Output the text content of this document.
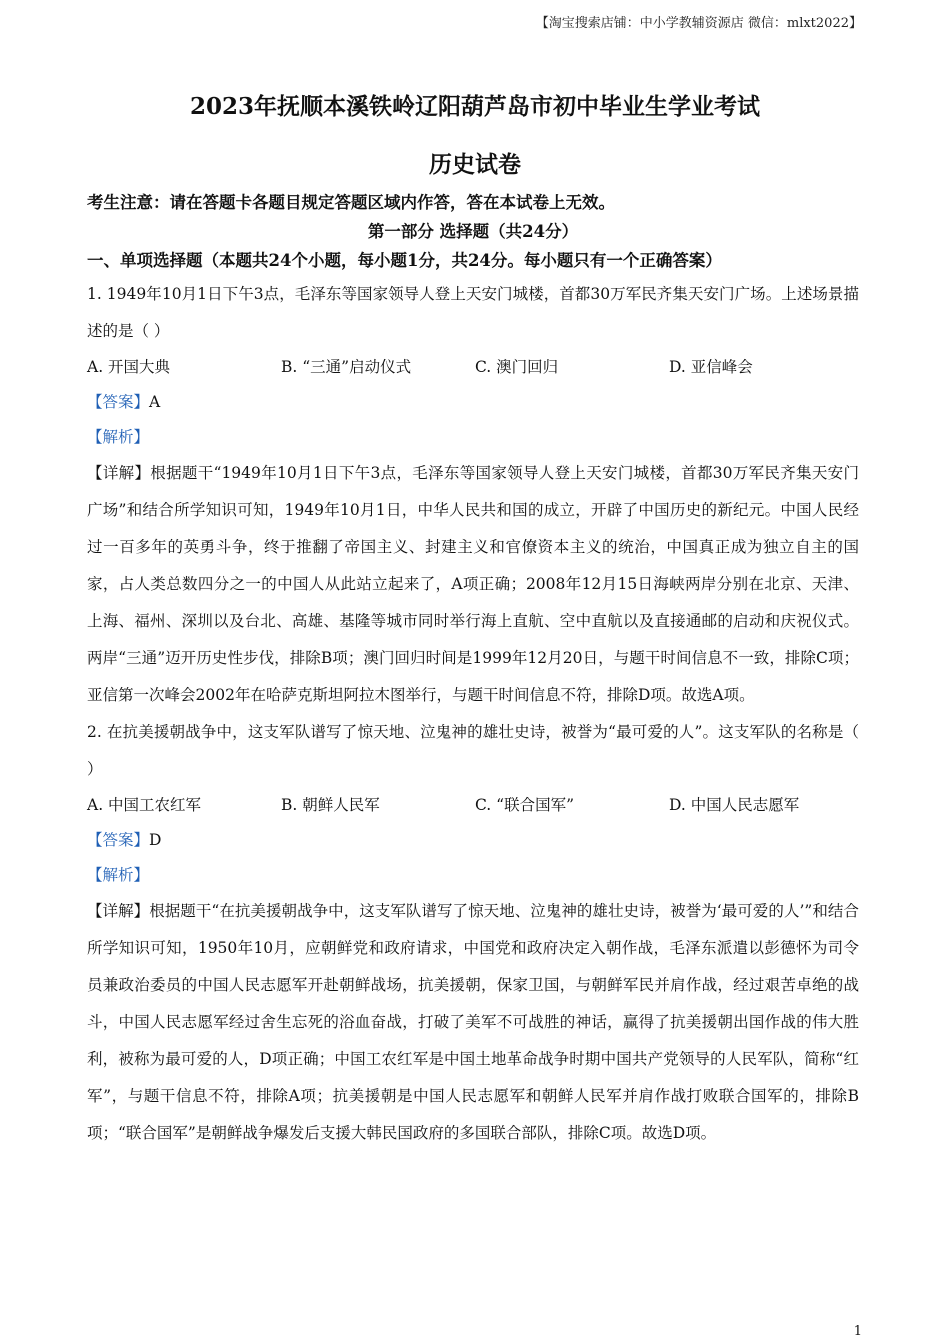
【淘宝搜索店铺：中小学教辅资源店 微信：mlxt2022】
2023年抚顺本溪铁岭辽阳葫芦岛市初中毕业生学业考试
历史试卷
考生注意：请在答题卡各题目规定答题区域内作答，答在本试卷上无效。
第一部分 选择题（共24分）
一、单项选择题（本题共24个小题，每小题1分，共24分。每小题只有一个正确答案）

1. 1949年10月1日下午3点，毛泽东等国家领导人登上天安门城楼，首都30万军民齐集天安门广场。上述场景描述的是（ ）

A. 开国大典	B. “三通”启动仪式	C. 澳门回归	D. 亚信峰会
【答案】A
【解析】

【详解】根据题干“1949年10月1日下午3点，毛泽东等国家领导人登上天安门城楼，首都30万军民齐集天安门广场”和结合所学知识可知，1949年10月1日，中华人民共和国的成立，开辟了中国历史的新纪元。中国人民经过一百多年的英勇斗争，终于推翻了帝国主义、封建主义和官僚资本主义的统治，中国真正成为独立自主的国家，占人类总数四分之一的中国人从此站立起来了，A项正确；2008年12月15日海峡两岸分别在北京、天津、上海、福州、深圳以及台北、高雄、基隆等城市同时举行海上直航、空中直航以及直接通邮的启动和庆祝仪式。两岸“三通”迈开历史性步伐，排除B项；澳门回归时间是1999年12月20日，与题干时间信息不一致，排除C项；亚信第一次峰会2002年在哈萨克斯坦阿拉木图举行，与题干时间信息不符，排除D项。故选A项。

2. 在抗美援朝战争中，这支军队谱写了惊天地、泣鬼神的雄壮史诗，被誉为“最可爱的人”。这支军队的名称是（ ）

A. 中国工农红军	B. 朝鲜人民军	C. “联合国军”	D. 中国人民志愿军
【答案】D
【解析】

【详解】根据题干“在抗美援朝战争中，这支军队谱写了惊天地、泣鬼神的雄壮史诗，被誉为‘最可爱的人’”和结合所学知识可知，1950年10月，应朝鲜党和政府请求，中国党和政府决定入朝作战，毛泽东派遣以彭德怀为司令员兼政治委员的中国人民志愿军开赴朝鲜战场，抗美援朝，保家卫国，与朝鲜军民并肩作战，经过艰苦卓绝的战斗，中国人民志愿军经过舍生忘死的浴血奋战，打破了美军不可战胜的神话，赢得了抗美援朝出国作战的伟大胜利，被称为最可爱的人，D项正确；中国工农红军是中国土地革命战争时期中国共产党领导的人民军队，简称“红军”，与题干信息不符，排除A项；抗美援朝是中国人民志愿军和朝鲜人民军并肩作战打败联合国军的，排除B项；“联合国军”是朝鲜战争爆发后支援大韩民国政府的多国联合部队，排除C项。故选D项。

1
